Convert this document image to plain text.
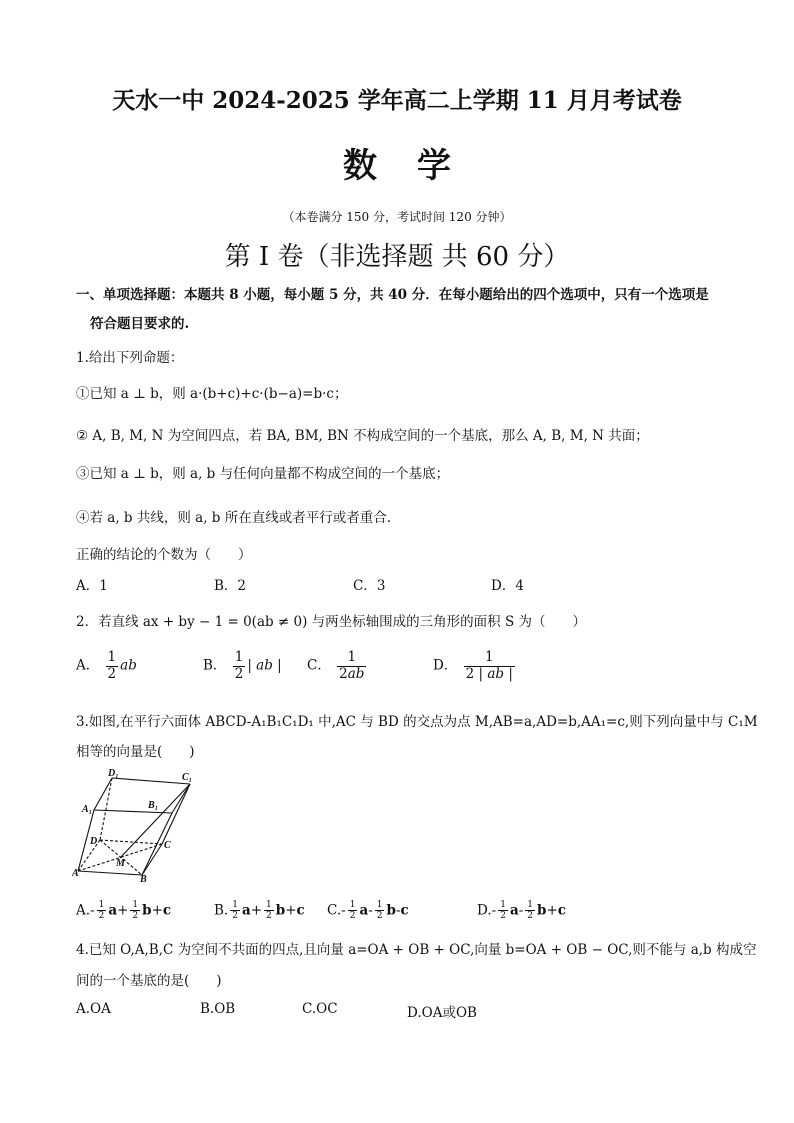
天水一中 2024-2025 学年高二上学期 11 月月考试卷
数学
（本卷满分 150 分，考试时间 120 分钟）
第 I 卷（非选择题 共 60 分）
一、单项选择题：本题共 8 小题，每小题 5 分，共 40 分．在每小题给出的四个选项中，只有一个选项是
符合题目要求的.
1.给出下列命题：
①已知 a ⊥ b，则 a·(b+c)+c·(b−a)=b·c；
② A, B, M, N 为空间四点，若 BA, BM, BN 不构成空间的一个基底，那么 A, B, M, N 共面；
③已知 a ⊥ b，则 a, b 与任何向量都不构成空间的一个基底；
④若 a, b 共线，则 a, b 所在直线或者平行或者重合.
正确的结论的个数为（　　）
A．1	B．2	C．3	D．4
2．若直线 ax + by − 1 = 0(ab ≠ 0) 与两坐标轴围成的三角形的面积 S 为（　　）
A． $\frac{1}{2}$ ab	B． $\frac{1}{2}$ | ab | C． $\frac{1}{2ab}$	D． $\frac{1}{2 | ab |}$
3.如图,在平行六面体 ABCD-A₁B₁C₁D₁ 中,AC 与 BD 的交点为点 M,AB=a,AD=b,AA₁=c,则下列向量中与 C₁M
相等的向量是(　　)
D₁	C₁
A₁	B₁
D	C
M
A
B
$A.- \frac{1}{2} a+ \frac{1}{2} b+c$	B. $\frac{1}{2} a+ \frac{1}{2} b+c$ $C.- \frac{1}{2} a- \frac{1}{2} b-c$	$D.- \frac{1}{2} a- \frac{1}{2} b+c$
4.已知 O,A,B,C 为空间不共面的四点,且向量 a=OA + OB + OC,向量 b=OA + OB − OC,则不能与 a,b 构成空
间的一个基底的是(　　)
A.OA	B.OB	C.OC	D.OA或OB
